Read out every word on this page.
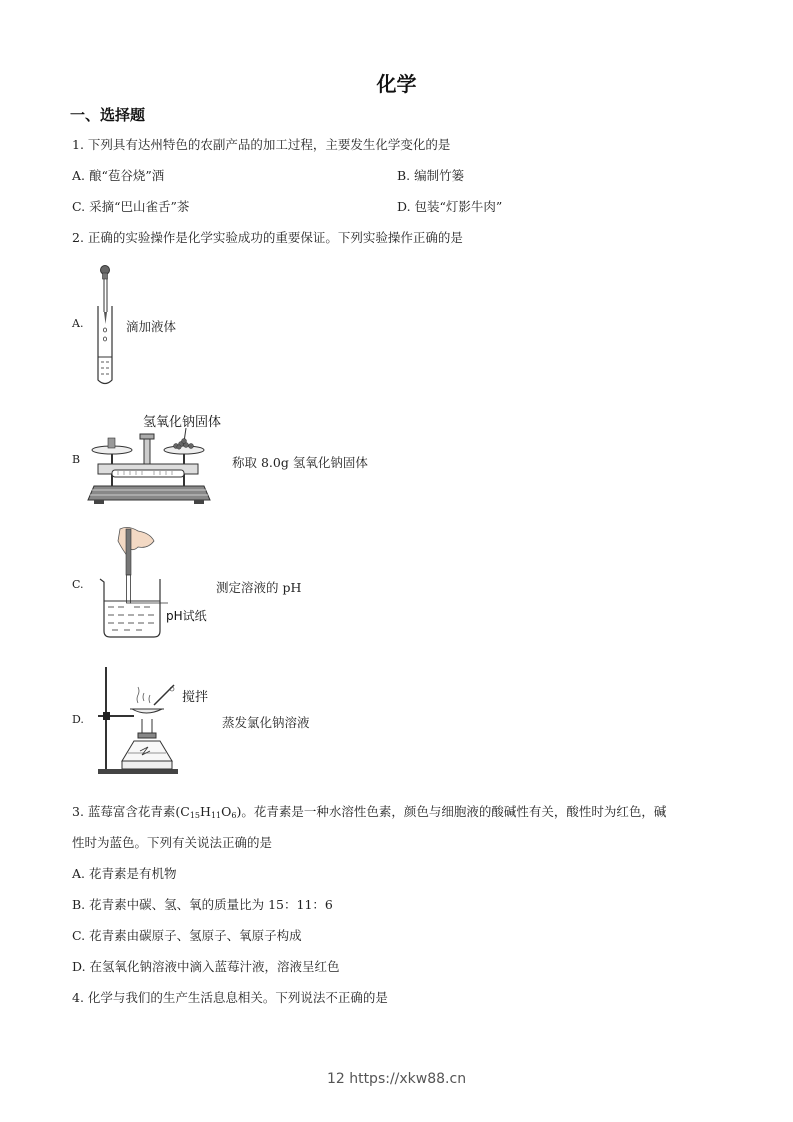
化学
一、选择题
1. 下列具有达州特色的农副产品的加工过程，主要发生化学变化的是
A. 酿“苞谷烧”酒	B. 编制竹篓
C. 采摘“巴山雀舌”茶	D. 包装“灯影牛肉”
2. 正确的实验操作是化学实验成功的重要保证。下列实验操作正确的是
A.	滴加液体
B
氢氧化钠固体
称取 8.0g 氢氧化钠固体
C.
pH试纸
测定溶液的 pH
D.
搅拌
蒸发氯化钠溶液
3. 蓝莓富含花青素$(C_{15}H_{11}O_6)$。花青素是一种水溶性色素，颜色与细胞液的酸碱性有关，酸性时为红色，碱
性时为蓝色。下列有关说法正确的是
A. 花青素是有机物
B. 花青素中碳、氢、氧的质量比为 15：11：6
C. 花青素由碳原子、氢原子、氧原子构成
D. 在氢氧化钠溶液中滴入蓝莓汁液，溶液呈红色
4. 化学与我们的生产生活息息相关。下列说法不正确的是
12 https://xkw88.cn
